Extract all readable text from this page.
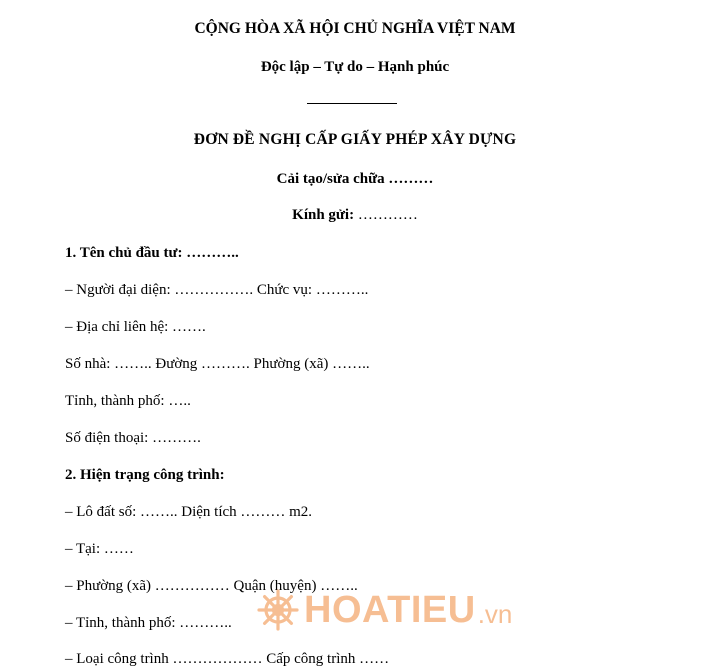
CỘNG HÒA XÃ HỘI CHỦ NGHĨA VIỆT NAM
Độc lập – Tự do – Hạnh phúc
ĐƠN ĐỀ NGHỊ CẤP GIẤY PHÉP XÂY DỰNG
Cải tạo/sửa chữa ………
Kính gửi: …………
1. Tên chủ đầu tư: ………..
– Người đại diện: ……………. Chức vụ: ………..
– Địa chỉ liên hệ: …….
Số nhà: …….. Đường ………. Phường (xã) ……..
Tỉnh, thành phố: …..
Số điện thoại: ……….
2. Hiện trạng công trình:
– Lô đất số: …….. Diện tích ……… m2.
– Tại: ……
– Phường (xã) …………… Quận (huyện) ……..
– Tỉnh, thành phố: ………..
– Loại công trình ……………… Cấp công trình ……
HOATIEU .vn
